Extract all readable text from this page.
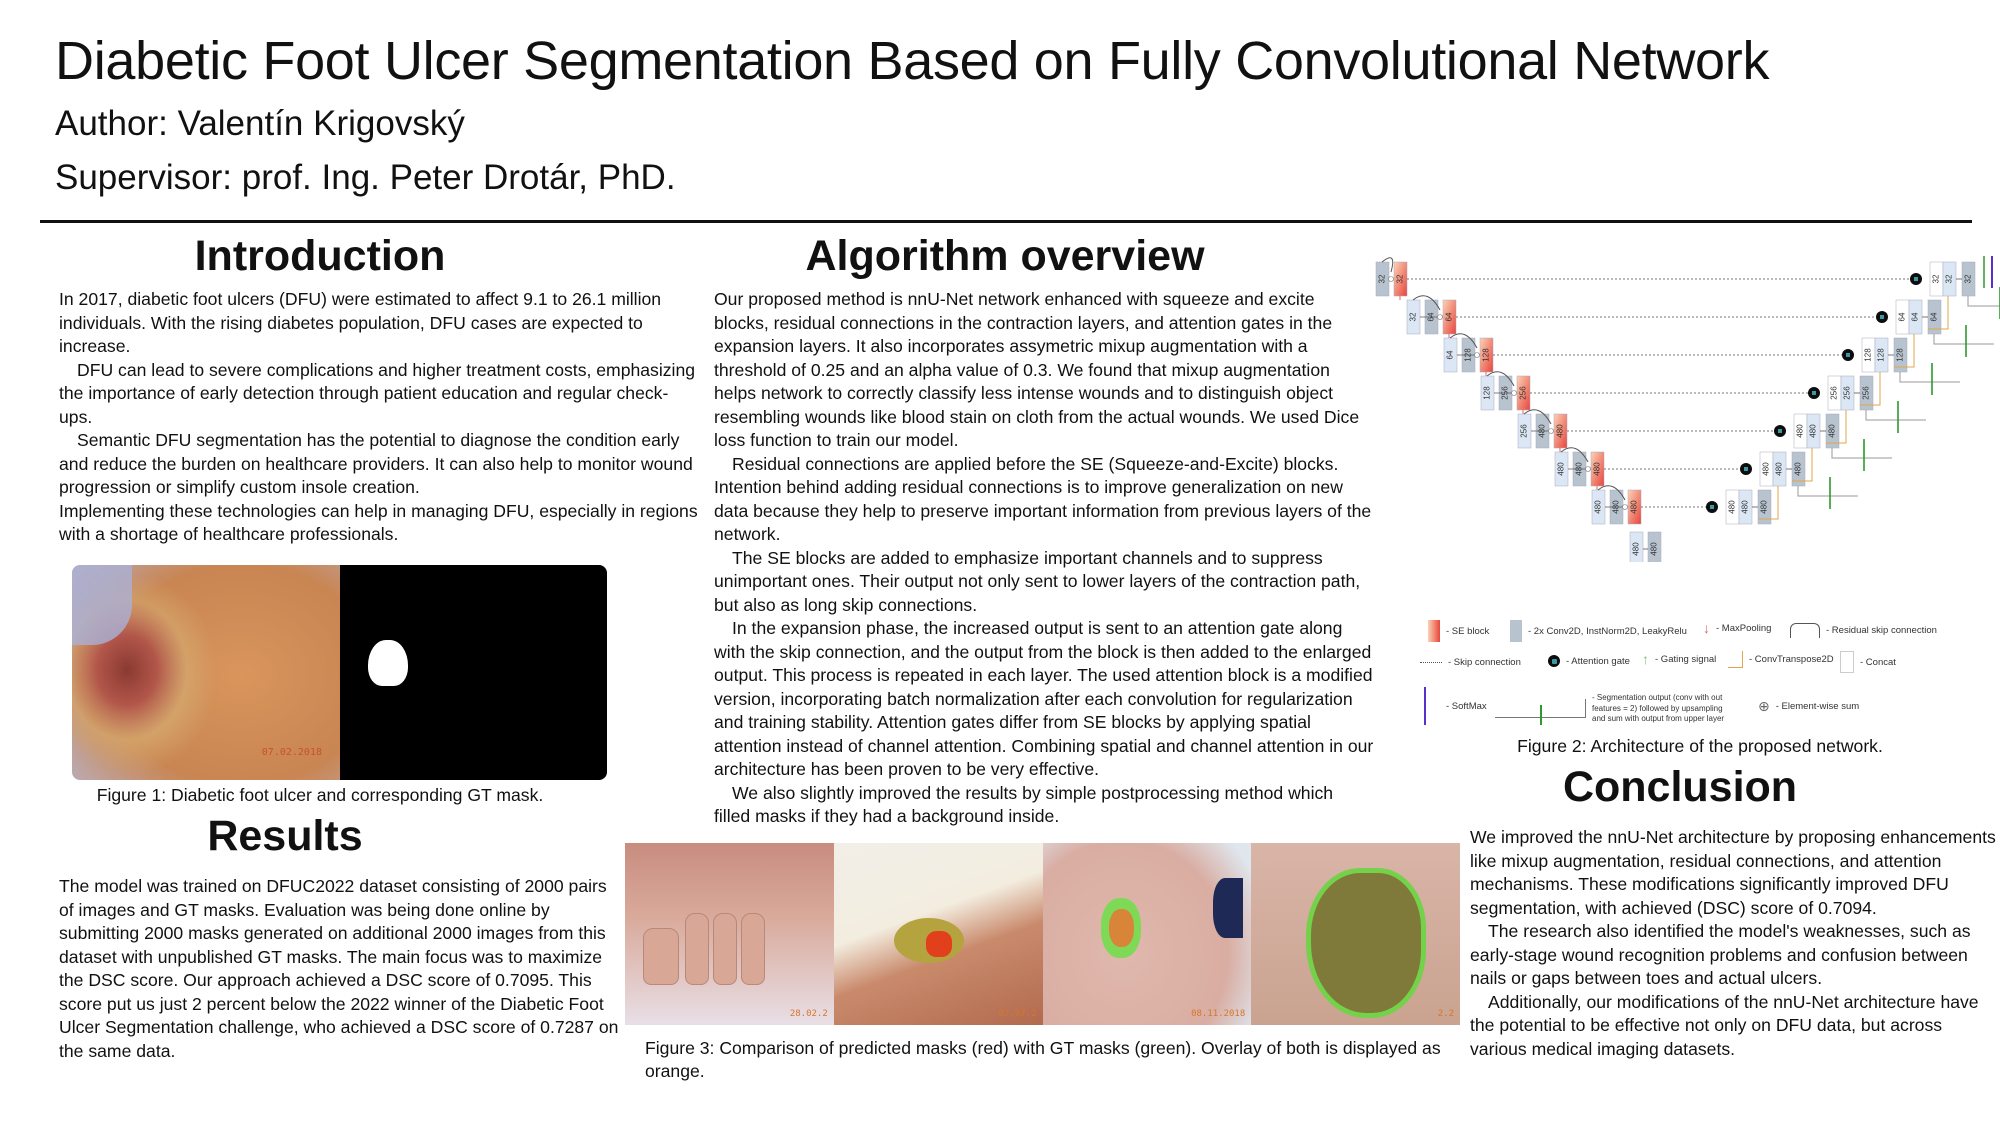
Diabetic Foot Ulcer Segmentation Based on Fully Convolutional Network
Author: Valentín Krigovský
Supervisor: prof. Ing. Peter Drotár, PhD.
Introduction

In 2017, diabetic foot ulcers (DFU) were estimated to affect 9.1 to 26.1 million individuals. With the rising diabetes population, DFU cases are expected to increase.

DFU can lead to severe complications and higher treatment costs, emphasizing the importance of early detection through patient education and regular check-ups.

Semantic DFU segmentation has the potential to diagnose the condition early and reduce the burden on healthcare providers. It can also help to monitor wound progression or simplify custom insole creation.

Implementing these technologies can help in managing DFU, especially in regions with a shortage of healthcare professionals.

07.02.2018
Figure 1: Diabetic foot ulcer and corresponding GT mask.
Results
The model was trained on DFUC2022 dataset consisting of 2000 pairs of images and GT masks. Evaluation was being done online by submitting 2000 masks generated on additional 2000 images from this dataset with unpublished GT masks. The main focus was to maximize the DSC score. Our approach achieved a DSC score of 0.7095. This score put us just 2 percent below the 2022 winner of the Diabetic Foot Ulcer Segmentation challenge, who achieved a DSC score of 0.7287 on the same data.
Algorithm overview

Our proposed method is nnU-Net network enhanced with squeeze and excite blocks, residual connections in the contraction layers, and attention gates in the expansion layers. It also incorporates assymetric mixup augmentation with a threshold of 0.25 and an alpha value of 0.3. We found that mixup augmentation helps network to correctly classify less intense wounds and to distinguish object resembling wounds like blood stain on cloth from the actual wounds. We used Dice loss function to train our model.

Residual connections are applied before the SE (Squeeze-and-Excite) blocks. Intention behind adding residual connections is to improve generalization on new data because they help to preserve important information from previous layers of the network.

The SE blocks are added to emphasize important channels and to suppress unimportant ones. Their output not only sent to lower layers of the contraction path, but also as long skip connections.

In the expansion phase, the increased output is sent to an attention gate along with the skip connection, and the output from the block is then added to the enlarged output. This process is repeated in each layer. The used attention block is a modified version, incorporating batch normalization after each convolution for regularization and training stability. Attention gates differ from SE blocks by applying spatial attention instead of channel attention. Combining spatial and channel attention in our architecture has been proven to be very effective.

We also slightly improved the results by simple postprocessing method which filled masks if they had a background inside.

28.02.2	07.07.2	08.11.2018	2.2
Figure 3: Comparison of predicted masks (red) with GT masks (green). Overlay of both is displayed as orange.
32 32
32 64 64
64 128 128
128 256 256
256 480 480
480 480 480
480 480 480
480 480
480 480 480
480 480 480
480 480 480
256 256 256
128 128 128
64 64 64
32 32 32
- SE block	- 2x Conv2D, InstNorm2D, LeakyRelu ↓ - MaxPooling	- Residual skip connection
- Skip connection	- Attention gate ↑ - Gating signal	- ConvTranspose2D	- Concat
- SoftMax
- Segmentation output (conv with out features = 2) followed by upsampling and sum with output from upper layer
⊕ - Element-wise sum
Figure 2: Architecture of the proposed network.
Conclusion

We improved the nnU-Net architecture by proposing enhancements like mixup augmentation, residual connections, and attention mechanisms. These modifications significantly improved DFU segmentation, with achieved (DSC) score of 0.7094.

The research also identified the model's weaknesses, such as early-stage wound recognition problems and confusion between nails or gaps between toes and actual ulcers.

Additionally, our modifications of the nnU-Net architecture have the potential to be effective not only on DFU data, but across various medical imaging datasets.
